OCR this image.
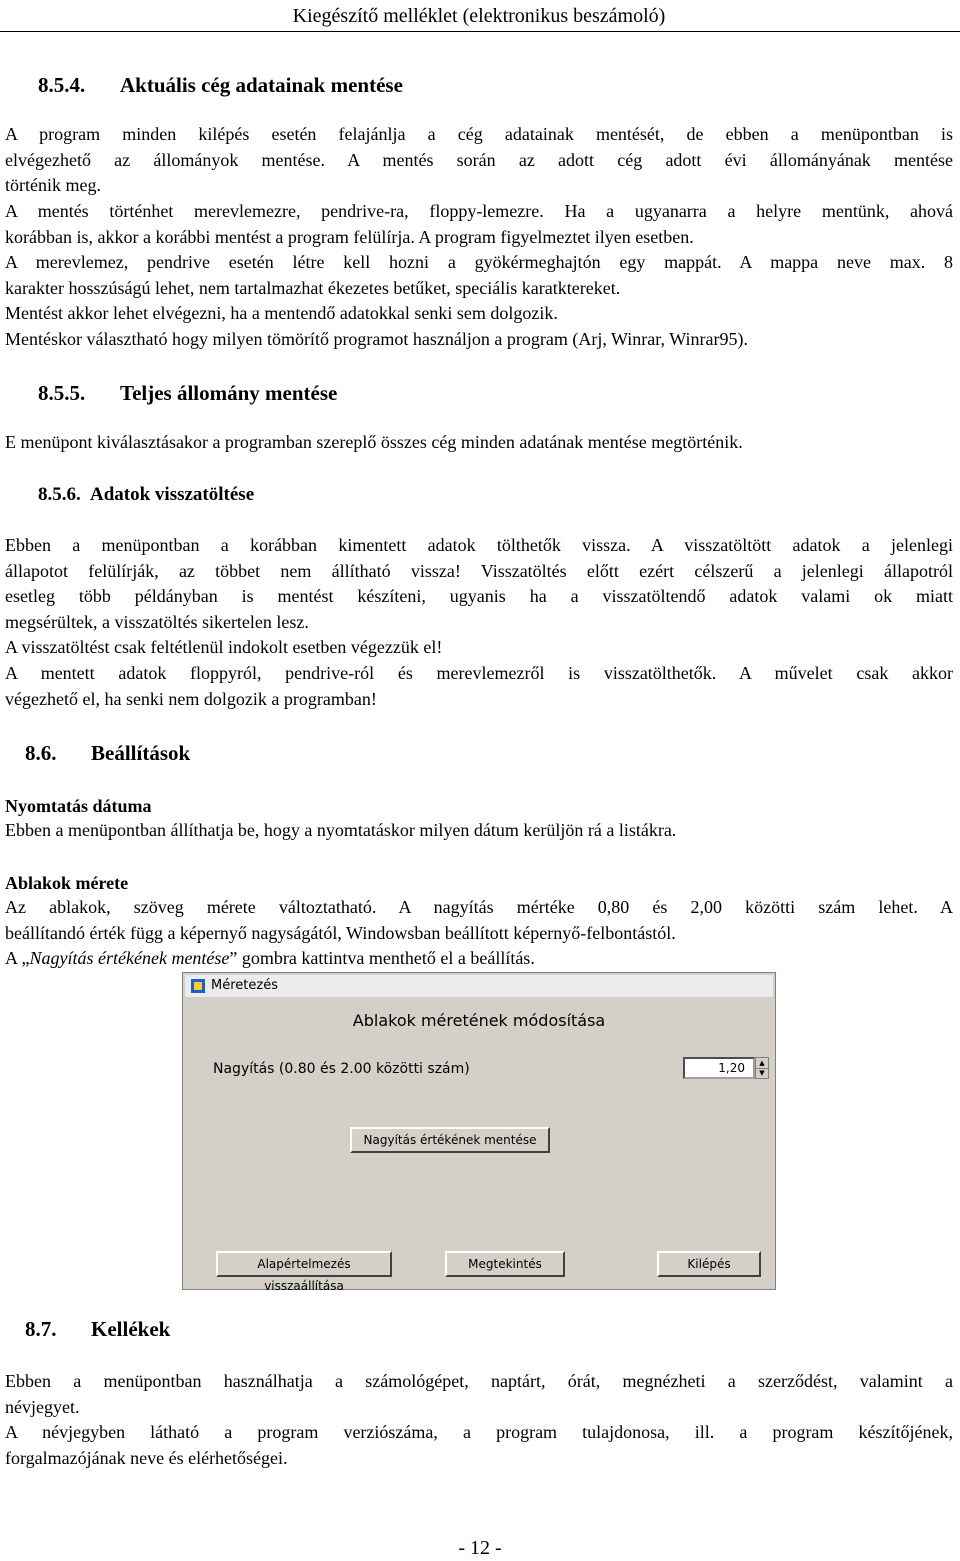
Kiegészítő melléklet (elektronikus beszámoló)
8.5.4. Aktuális cég adatainak mentése
A program minden kilépés esetén felajánlja a cég adatainak mentését, de ebben a menüpontban is
elvégezhető az állományok mentése. A mentés során az adott cég adott évi állományának mentése
történik meg.
A mentés történhet merevlemezre, pendrive-ra, floppy-lemezre. Ha a ugyanarra a helyre mentünk, ahová
korábban is, akkor a korábbi mentést a program felülírja. A program figyelmeztet ilyen esetben.
A merevlemez, pendrive esetén létre kell hozni a gyökérmeghajtón egy mappát. A mappa neve max. 8
karakter hosszúságú lehet, nem tartalmazhat ékezetes betűket, speciális karatktereket.
Mentést akkor lehet elvégezni, ha a mentendő adatokkal senki sem dolgozik.
Mentéskor választható hogy milyen tömörítő programot használjon a program (Arj, Winrar, Winrar95).
8.5.5. Teljes állomány mentése
E menüpont kiválasztásakor a programban szereplő összes cég minden adatának mentése megtörténik.
8.5.6. Adatok visszatöltése
Ebben a menüpontban a korábban kimentett adatok tölthetők vissza. A visszatöltött adatok a jelenlegi
állapotot felülírják, az többet nem állítható vissza! Visszatöltés előtt ezért célszerű a jelenlegi állapotról
esetleg több példányban is mentést készíteni, ugyanis ha a visszatöltendő adatok valami ok miatt
megsérültek, a visszatöltés sikertelen lesz.
A visszatöltést csak feltétlenül indokolt esetben végezzük el!
A mentett adatok floppyról, pendrive-ról és merevlemezről is visszatölthetők. A művelet csak akkor
végezhető el, ha senki nem dolgozik a programban!
8.6. Beállítások
Nyomtatás dátuma
Ebben a menüpontban állíthatja be, hogy a nyomtatáskor milyen dátum kerüljön rá a listákra.
Ablakok mérete
Az ablakok, szöveg mérete változtatható. A nagyítás mértéke 0,80 és 2,00 közötti szám lehet. A
beállítandó érték függ a képernyő nagyságától, Windowsban beállított képernyő-felbontástól.
A „Nagyítás értékének mentése” gombra kattintva menthető el a beállítás.
Méretezés
Ablakok méretének módosítása
Nagyítás (0.80 és 2.00 közötti szám)	1,20	▲
▼
Nagyítás értékének mentése
Alapértelmezés visszaállítása
Megtekintés	Kilépés
8.7. Kellékek
Ebben a menüpontban használhatja a számológépet, naptárt, órát, megnézheti a szerződést, valamint a
névjegyet.
A névjegyben látható a program verziószáma, a program tulajdonosa, ill. a program készítőjének,
forgalmazójának neve és elérhetőségei.
- 12 -
